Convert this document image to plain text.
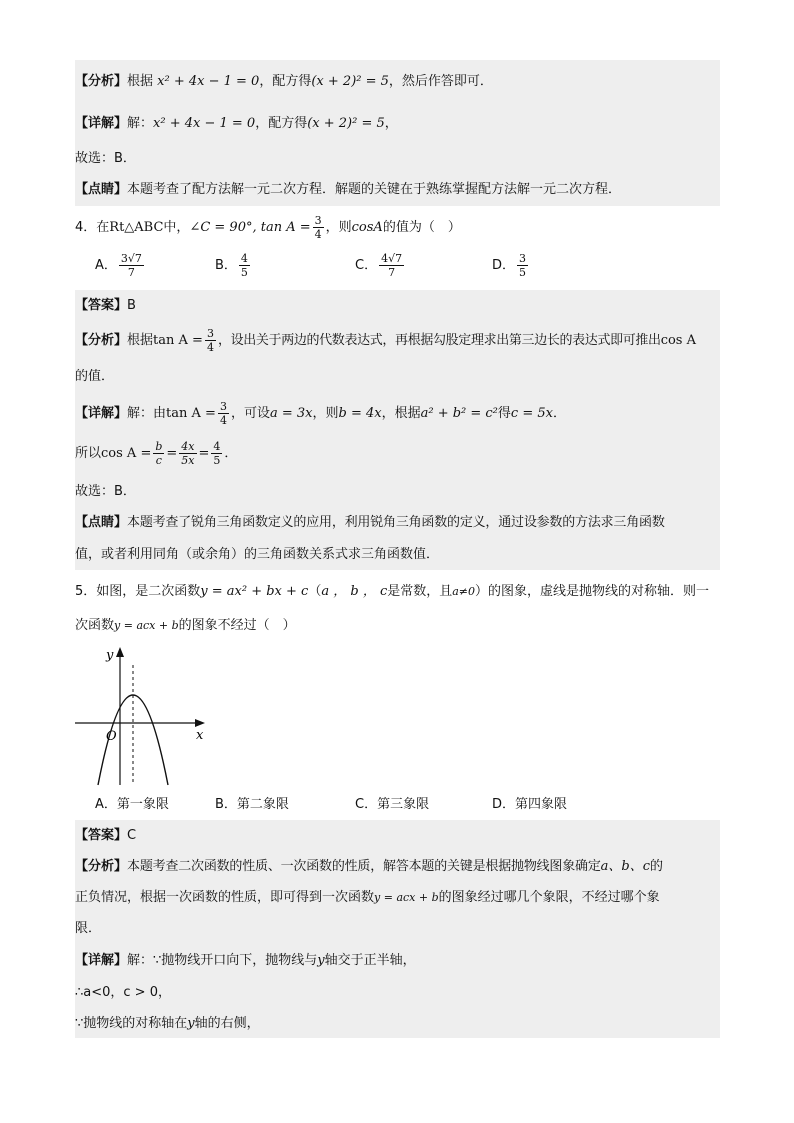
【分析】根据 x² + 4x − 1 = 0，配方得(x + 2)² = 5，然后作答即可．
【详解】解：x² + 4x − 1 = 0，配方得(x + 2)² = 5，
故选：B．
【点睛】本题考查了配方法解一元二次方程．解题的关键在于熟练掌握配方法解一元二次方程．
4．在Rt△ABC中，∠C = 90°, $\tan A = \frac{3}{4}$ ，则cosA的值为（　）
A． $\frac{3√7}{7}$	B． $\frac{4}{5}$	C． $\frac{4√7}{7}$	D． $\frac{3}{5}$
【答案】B
【分析】根据$\tan A = \frac{3}{4}$ ，设出关于两边的代数表达式，再根据勾股定理求出第三边长的表达式即可推出cos A
的值．
【详解】解：由$\tan A = \frac{3}{4}$ ，可设a = 3x，则b = 4x，根据a² + b² = c²得c = 5x．
所以$\cos A = \frac{b}{c} = \frac{4x}{5x} = \frac{4}{5}$ ．
故选：B．
【点睛】本题考查了锐角三角函数定义的应用，利用锐角三角函数的定义，通过设参数的方法求三角函数
值，或者利用同角（或余角）的三角函数关系式求三角函数值．
5．如图，是二次函数y = ax² + bx + c（a ， b ， c是常数，且a≠0）的图象，虚线是抛物线的对称轴．则一
次函数y = acx + b的图象不经过（　）
y
x
O
A．第一象限	B．第二象限	C．第三象限	D．第四象限
【答案】C
【分析】本题考查二次函数的性质、一次函数的性质，解答本题的关键是根据抛物线图象确定a、b、c的
正负情况，根据一次函数的性质，即可得到一次函数y = acx + b的图象经过哪几个象限，不经过哪个象
限．
【详解】解：∵抛物线开口向下，抛物线与y轴交于正半轴，
∴a<0，c > 0，
∵抛物线的对称轴在y轴的右侧，
